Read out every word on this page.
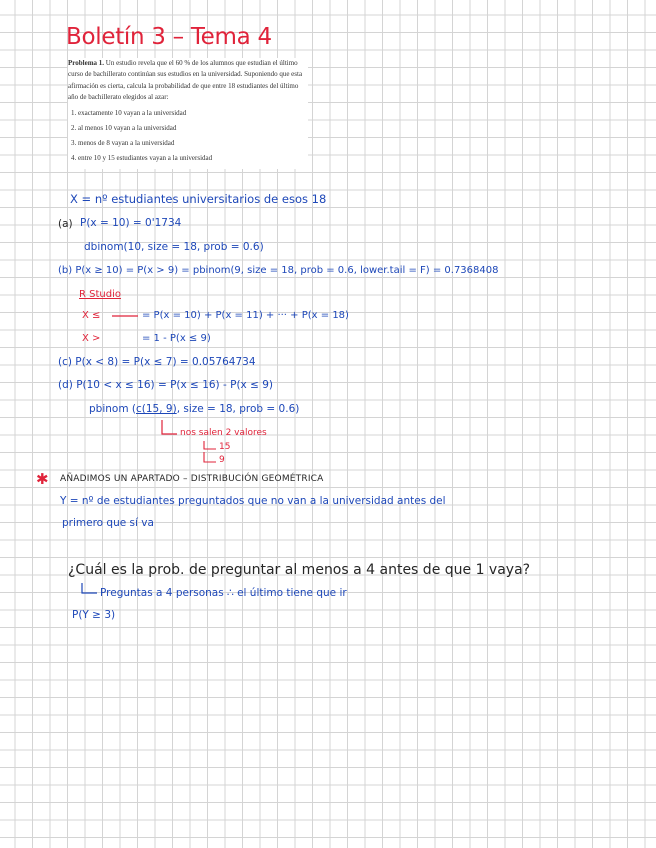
Boletín 3 – Tema 4
Problema 1. Un estudio revela que el 60 % de los alumnos que estudian el último curso de bachillerato continúan sus estudios en la universidad. Suponiendo que esta afirmación es cierta, calcula la probabilidad de que entre 18 estudiantes del último año de bachillerato elegidos al azar:
1. exactamente 10 vayan a la universidad
2. al menos 10 vayan a la universidad
3. menos de 8 vayan a la universidad
4. entre 10 y 15 estudiantes vayan a la universidad
X = nº estudiantes universitarios de esos 18
(a) P(x = 10) = 0'1734
dbinom(10, size = 18, prob = 0.6)
(b) P(x ≥ 10) = P(x > 9) = pbinom(9, size = 18, prob = 0.6, lower.tail = F) = 0.7368408
R Studio
X ≤	= P(x = 10) + P(x = 11) + ··· + P(x = 18)
X >	= 1 - P(x ≤ 9)
(c) P(x < 8) = P(x ≤ 7) = 0.05764734
(d) P(10 < x ≤ 16) = P(x ≤ 16) - P(x ≤ 9)
pbinom (c(15, 9), size = 18, prob = 0.6)
nos salen 2 valores
15
9
✱ AÑADIMOS UN APARTADO – DISTRIBUCIÓN GEOMÉTRICA
Y = nº de estudiantes preguntados que no van a la universidad antes del
primero que sí va
¿Cuál es la prob. de preguntar al menos a 4 antes de que 1 vaya?
Preguntas a 4 personas ∴ el último tiene que ir
P(Y ≥ 3)
